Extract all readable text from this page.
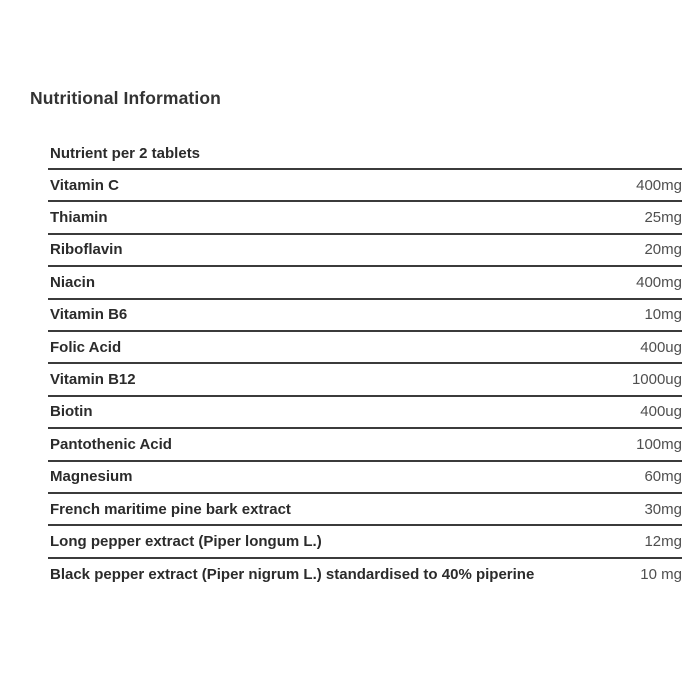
Nutritional Information
Nutrient per 2 tablets
Vitamin C	400mg
Thiamin	25mg
Riboflavin	20mg
Niacin	400mg
Vitamin B6	10mg
Folic Acid	400ug
Vitamin B12	1000ug
Biotin	400ug
Pantothenic Acid	100mg
Magnesium	60mg
French maritime pine bark extract	30mg
Long pepper extract (Piper longum L.)	12mg
Black pepper extract (Piper nigrum L.) standardised to 40% piperine	10 mg
